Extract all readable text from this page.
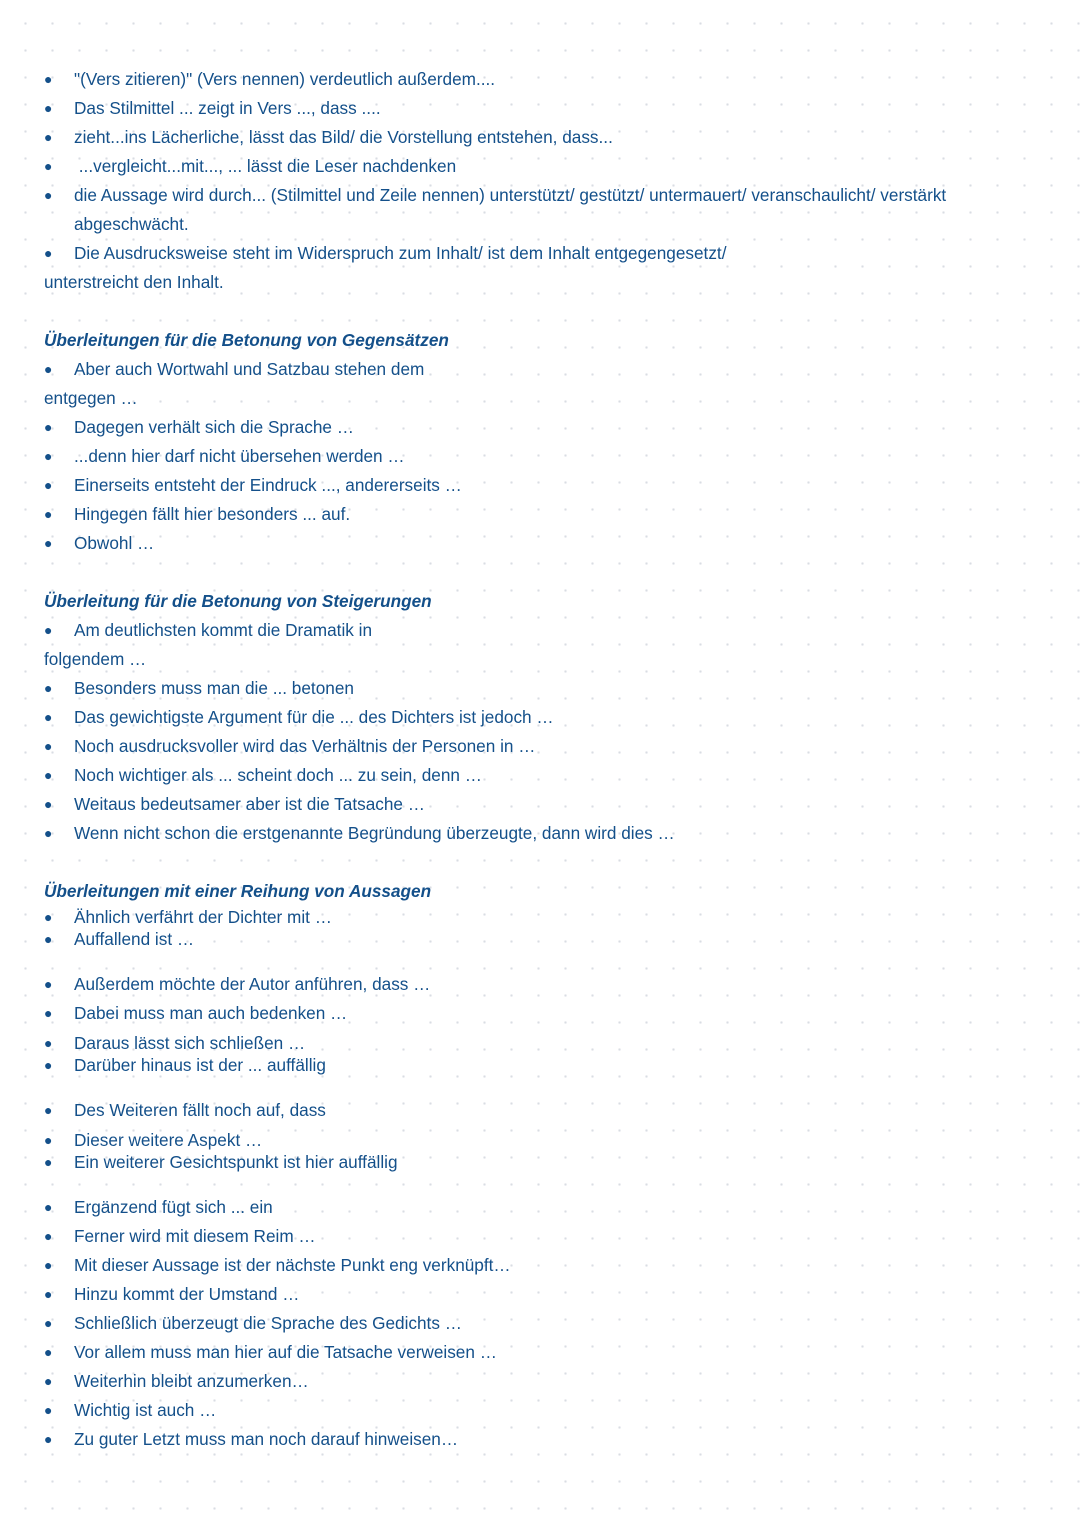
●	"(Vers zitieren)" (Vers nennen) verdeutlich außerdem....
●	Das Stilmittel ... zeigt in Vers ..., dass ....
●	zieht...ins Lächerliche, lässt das Bild/ die Vorstellung entstehen, dass...
●	...vergleicht...mit..., ... lässt die Leser nachdenken
●	die Aussage wird durch... (Stilmittel und Zeile nennen) unterstützt/ gestützt/ untermauert/ veranschaulicht/ verstärkt abgeschwächt.
●	Die Ausdrucksweise steht im Widerspruch zum Inhalt/ ist dem Inhalt entgegengesetzt/
unterstreicht den Inhalt.
Überleitungen für die Betonung von Gegensätzen
●	Aber auch Wortwahl und Satzbau stehen dem
entgegen …
●	Dagegen verhält sich die Sprache …
●	...denn hier darf nicht übersehen werden …
●	Einerseits entsteht der Eindruck ..., andererseits …
●	Hingegen fällt hier besonders ... auf.
●	Obwohl …
Überleitung für die Betonung von Steigerungen
●	Am deutlichsten kommt die Dramatik in
folgendem …
●	Besonders muss man die ... betonen
●	Das gewichtigste Argument für die ... des Dichters ist jedoch …
●	Noch ausdrucksvoller wird das Verhältnis der Personen in …
●	Noch wichtiger als ... scheint doch ... zu sein, denn …
●	Weitaus bedeutsamer aber ist die Tatsache …
●	Wenn nicht schon die erstgenannte Begründung überzeugte, dann wird dies …
Überleitungen mit einer Reihung von Aussagen
●	Ähnlich verfährt der Dichter mit …
●	Auffallend ist …
●	Außerdem möchte der Autor anführen, dass …
●	Dabei muss man auch bedenken …
●	Daraus lässt sich schließen …
●	Darüber hinaus ist der ... auffällig
●	Des Weiteren fällt noch auf, dass
●	Dieser weitere Aspekt …
●	Ein weiterer Gesichtspunkt ist hier auffällig
●	Ergänzend fügt sich ... ein
●	Ferner wird mit diesem Reim …
●	Mit dieser Aussage ist der nächste Punkt eng verknüpft…
●	Hinzu kommt der Umstand …
●	Schließlich überzeugt die Sprache des Gedichts …
●	Vor allem muss man hier auf die Tatsache verweisen …
●	Weiterhin bleibt anzumerken…
●	Wichtig ist auch …
●	Zu guter Letzt muss man noch darauf hinweisen…
